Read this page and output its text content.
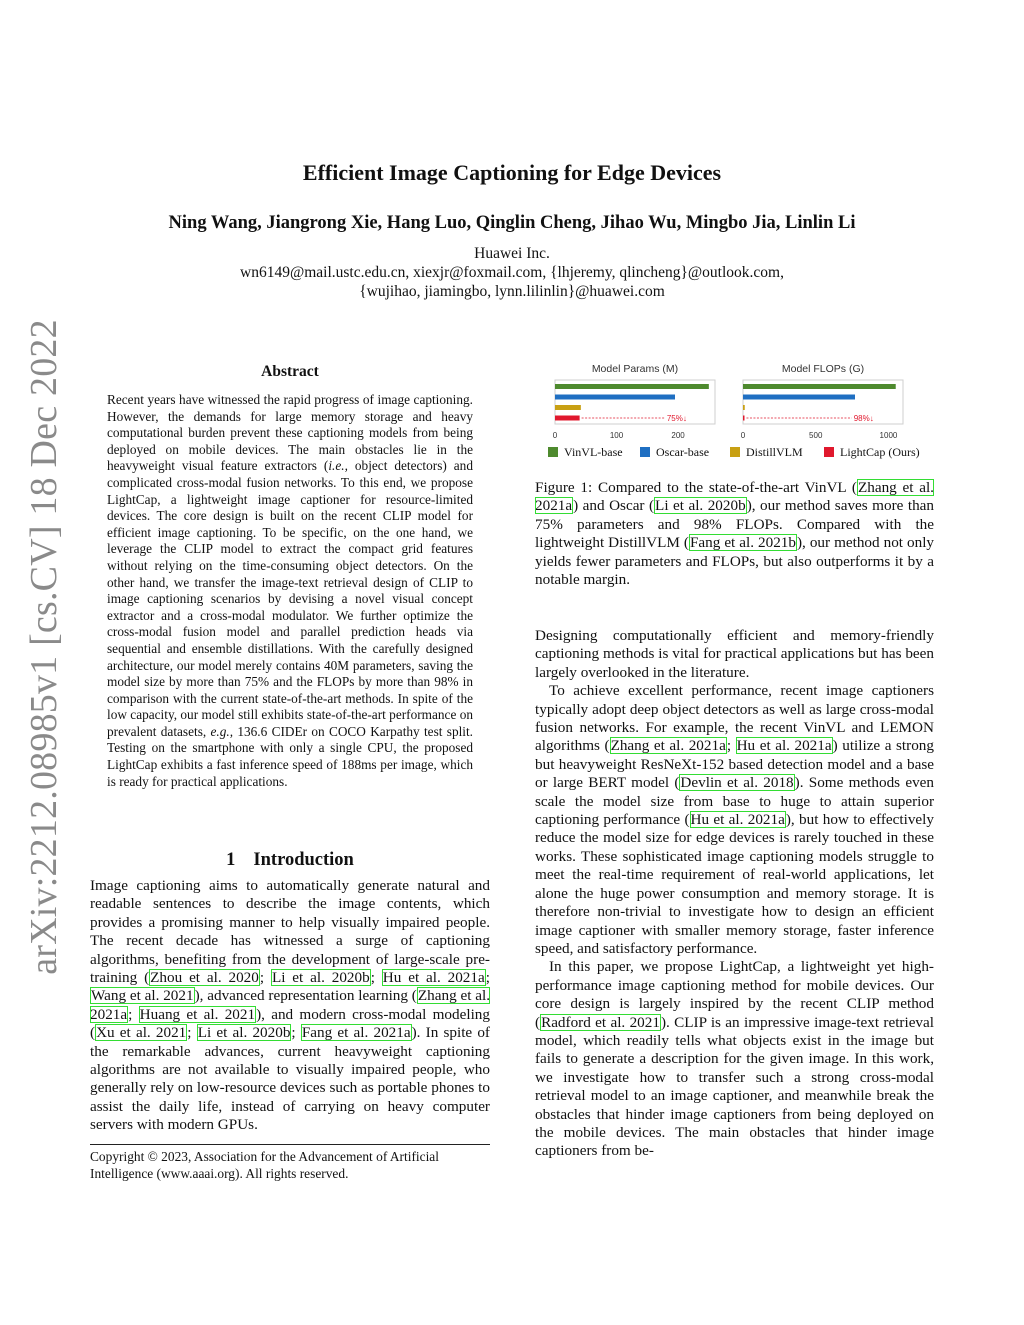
arXiv:2212.08985v1 [cs.CV] 18 Dec 2022
Efficient Image Captioning for Edge Devices
Ning Wang, Jiangrong Xie, Hang Luo, Qinglin Cheng, Jihao Wu, Mingbo Jia, Linlin Li
Huawei Inc.
wn6149@mail.ustc.edu.cn, xiexjr@foxmail.com, {lhjeremy, qlincheng}@outlook.com,
{wujihao, jiamingbo, lynn.lilinlin}@huawei.com
Abstract
Recent years have witnessed the rapid progress of image captioning. However, the demands for large memory storage and heavy computational burden prevent these captioning models from being deployed on mobile devices. The main obstacles lie in the heavyweight visual feature extractors (i.e., object detectors) and complicated cross-modal fusion networks. To this end, we propose LightCap, a lightweight image captioner for resource-limited devices. The core design is built on the recent CLIP model for efficient image captioning. To be specific, on the one hand, we leverage the CLIP model to extract the compact grid features without relying on the time-consuming object detectors. On the other hand, we transfer the image-text retrieval design of CLIP to image captioning scenarios by devising a novel visual concept extractor and a cross-modal modulator. We further optimize the cross-modal fusion model and parallel prediction heads via sequential and ensemble distillations. With the carefully designed architecture, our model merely contains 40M parameters, saving the model size by more than 75% and the FLOPs by more than 98% in comparison with the current state-of-the-art methods. In spite of the low capacity, our model still exhibits state-of-the-art performance on prevalent datasets, e.g., 136.6 CIDEr on COCO Karpathy test split. Testing on the smartphone with only a single CPU, the proposed LightCap exhibits a fast inference speed of 188ms per image, which is ready for practical applications.
1 Introduction
Image captioning aims to automatically generate natural and readable sentences to describe the image contents, which provides a promising manner to help visually impaired people. The recent decade has witnessed a surge of captioning algorithms, benefiting from the development of large-scale pre-training (Zhou et al. 2020; Li et al. 2020b; Hu et al. 2021a; Wang et al. 2021), advanced representation learning (Zhang et al. 2021a; Huang et al. 2021), and modern cross-modal modeling (Xu et al. 2021; Li et al. 2020b; Fang et al. 2021a). In spite of the remarkable advances, current heavyweight captioning algorithms are not available to visually impaired people, who generally rely on low-resource devices such as portable phones to assist the daily life, instead of carrying on heavy computer servers with modern GPUs.
Copyright © 2023, Association for the Advancement of Artificial Intelligence (www.aaai.org). All rights reserved.
Model Params (M)
75%↓
0	100	200
Model FLOPs (G)
98%↓
0	500	1000
VinVL-base	Oscar-base	DistillVLM	LightCap (Ours)
Figure 1: Compared to the state-of-the-art VinVL (Zhang et al. 2021a) and Oscar (Li et al. 2020b), our method saves more than 75% parameters and 98% FLOPs. Compared with the lightweight DistillVLM (Fang et al. 2021b), our method not only yields fewer parameters and FLOPs, but also outperforms it by a notable margin.

Designing computationally efficient and memory-friendly captioning methods is vital for practical applications but has been largely overlooked in the literature.

To achieve excellent performance, recent image captioners typically adopt deep object detectors as well as large cross-modal fusion networks. For example, the recent VinVL and LEMON algorithms (Zhang et al. 2021a; Hu et al. 2021a) utilize a strong but heavyweight ResNeXt-152 based detection model and a base or large BERT model (Devlin et al. 2018). Some methods even scale the model size from base to huge to attain superior captioning performance (Hu et al. 2021a), but how to effectively reduce the model size for edge devices is rarely touched in these works. These sophisticated image captioning models struggle to meet the real-time requirement of real-world applications, let alone the huge power consumption and memory storage. It is therefore non-trivial to investigate how to design an efficient image captioner with smaller memory storage, faster inference speed, and satisfactory performance.

In this paper, we propose LightCap, a lightweight yet high-performance image captioning method for mobile devices. Our core design is largely inspired by the recent CLIP method (Radford et al. 2021). CLIP is an impressive image-text retrieval model, which readily tells what objects exist in the image but fails to generate a description for the given image. In this work, we investigate how to transfer such a strong cross-modal retrieval model to an image captioner, and meanwhile break the obstacles that hinder image captioners from being deployed on the mobile devices. The main obstacles that hinder image captioners from be-
